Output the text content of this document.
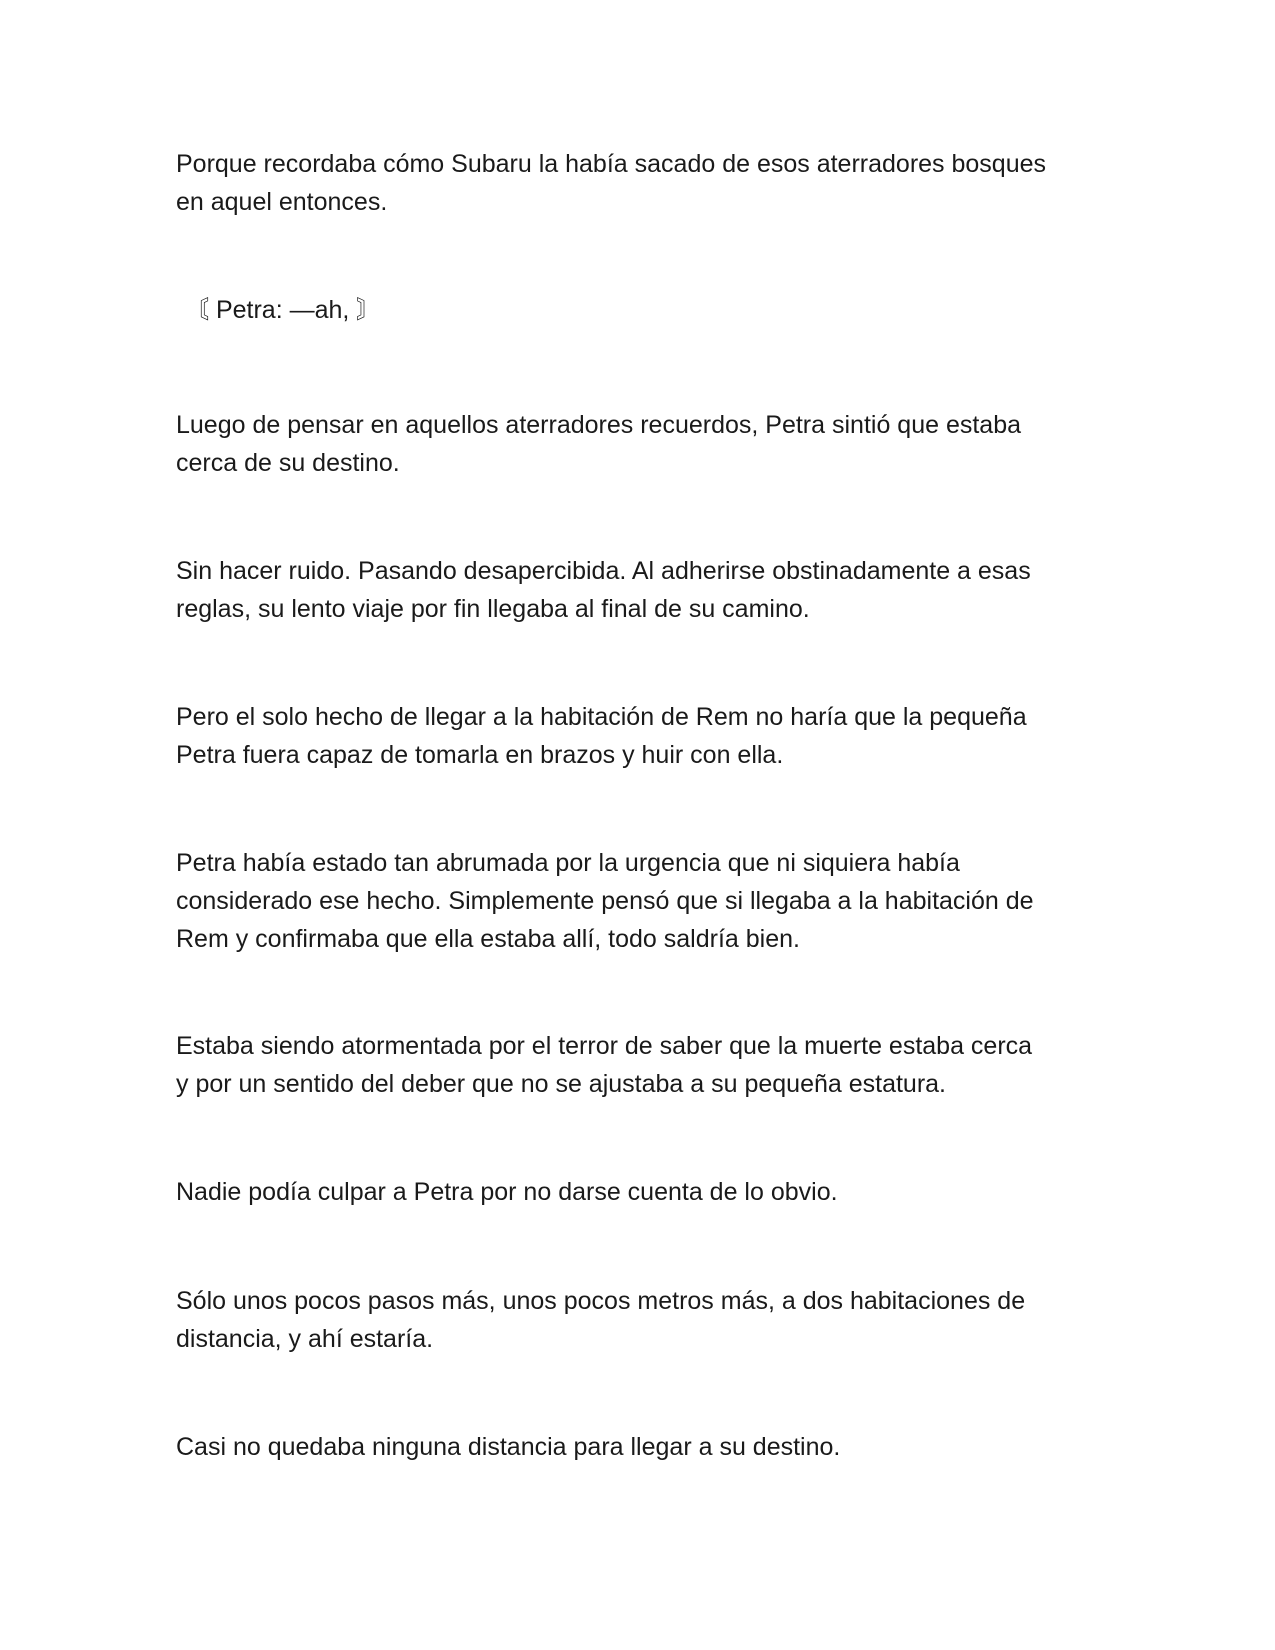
Porque recordaba cómo Subaru la había sacado de esos aterradores bosques
en aquel entonces.

〘 Petra: —ah, 〙

Luego de pensar en aquellos aterradores recuerdos, Petra sintió que estaba
cerca de su destino.

Sin hacer ruido. Pasando desapercibida. Al adherirse obstinadamente a esas
reglas, su lento viaje por fin llegaba al final de su camino.

Pero el solo hecho de llegar a la habitación de Rem no haría que la pequeña
Petra fuera capaz de tomarla en brazos y huir con ella.

Petra había estado tan abrumada por la urgencia que ni siquiera había
considerado ese hecho. Simplemente pensó que si llegaba a la habitación de
Rem y confirmaba que ella estaba allí, todo saldría bien.

Estaba siendo atormentada por el terror de saber que la muerte estaba cerca
y por un sentido del deber que no se ajustaba a su pequeña estatura.

Nadie podía culpar a Petra por no darse cuenta de lo obvio.

Sólo unos pocos pasos más, unos pocos metros más, a dos habitaciones de
distancia, y ahí estaría.

Casi no quedaba ninguna distancia para llegar a su destino.
